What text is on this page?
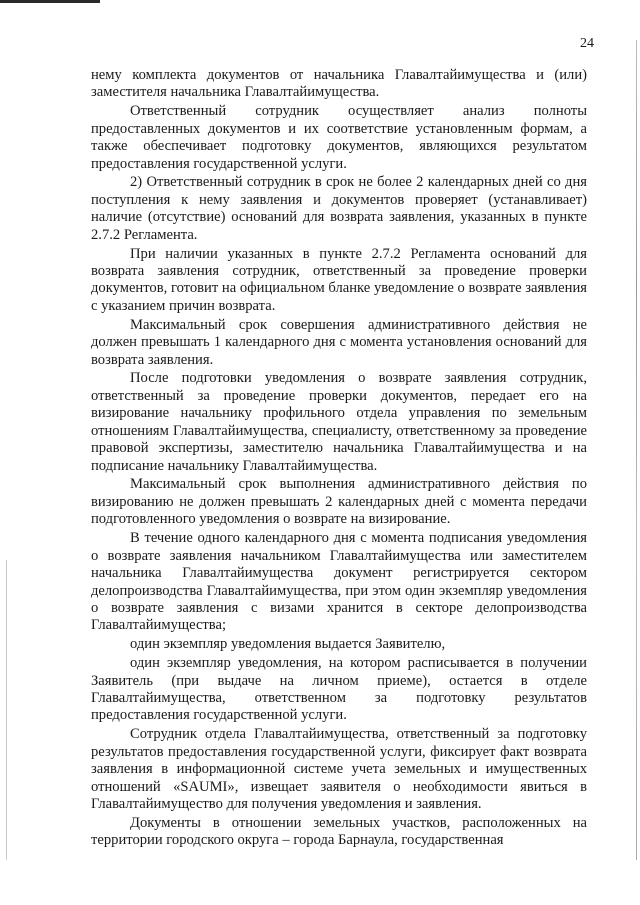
24

нему комплекта документов от начальника Главалтайимущества и (или) заместителя начальника Главалтайимущества.

Ответственный сотрудник осуществляет анализ полноты предоставленных документов и их соответствие установленным формам, а также обеспечивает подготовку документов, являющихся результатом предоставления государственной услуги.

2) Ответственный сотрудник в срок не более 2 календарных дней со дня поступления к нему заявления и документов проверяет (устанавливает) наличие (отсутствие) оснований для возврата заявления, указанных в пункте 2.7.2 Регламента.

При наличии указанных в пункте 2.7.2 Регламента оснований для возврата заявления сотрудник, ответственный за проведение проверки документов, готовит на официальном бланке уведомление о возврате заявления с указанием причин возврата.

Максимальный срок совершения административного действия не должен превышать 1 календарного дня с момента установления оснований для возврата заявления.

После подготовки уведомления о возврате заявления сотрудник, ответственный за проведение проверки документов, передает его на визирование начальнику профильного отдела управления по земельным отношениям Главалтайимущества, специалисту, ответственному за проведение правовой экспертизы, заместителю начальника Главалтайимущества и на подписание начальнику Главалтайимущества.

Максимальный срок выполнения административного действия по визированию не должен превышать 2 календарных дней с момента передачи подготовленного уведомления о возврате на визирование.

В течение одного календарного дня с момента подписания уведомления о возврате заявления начальником Главалтайимущества или заместителем начальника Главалтайимущества документ регистрируется сектором делопроизводства Главалтайимущества, при этом один экземпляр уведомления о возврате заявления с визами хранится в секторе делопроизводства Главалтайимущества;

один экземпляр уведомления выдается Заявителю,

один экземпляр уведомления, на котором расписывается в получении Заявитель (при выдаче на личном приеме), остается в отделе Главалтайимущества, ответственном за подготовку результатов предоставления государственной услуги.

Сотрудник отдела Главалтайимущества, ответственный за подготовку результатов предоставления государственной услуги, фиксирует факт возврата заявления в информационной системе учета земельных и имущественных отношений «SAUMI», извещает заявителя о необходимости явиться в Главалтайимущество для получения уведомления и заявления.

Документы в отношении земельных участков, расположенных на территории городского округа – города Барнаула, государственная
